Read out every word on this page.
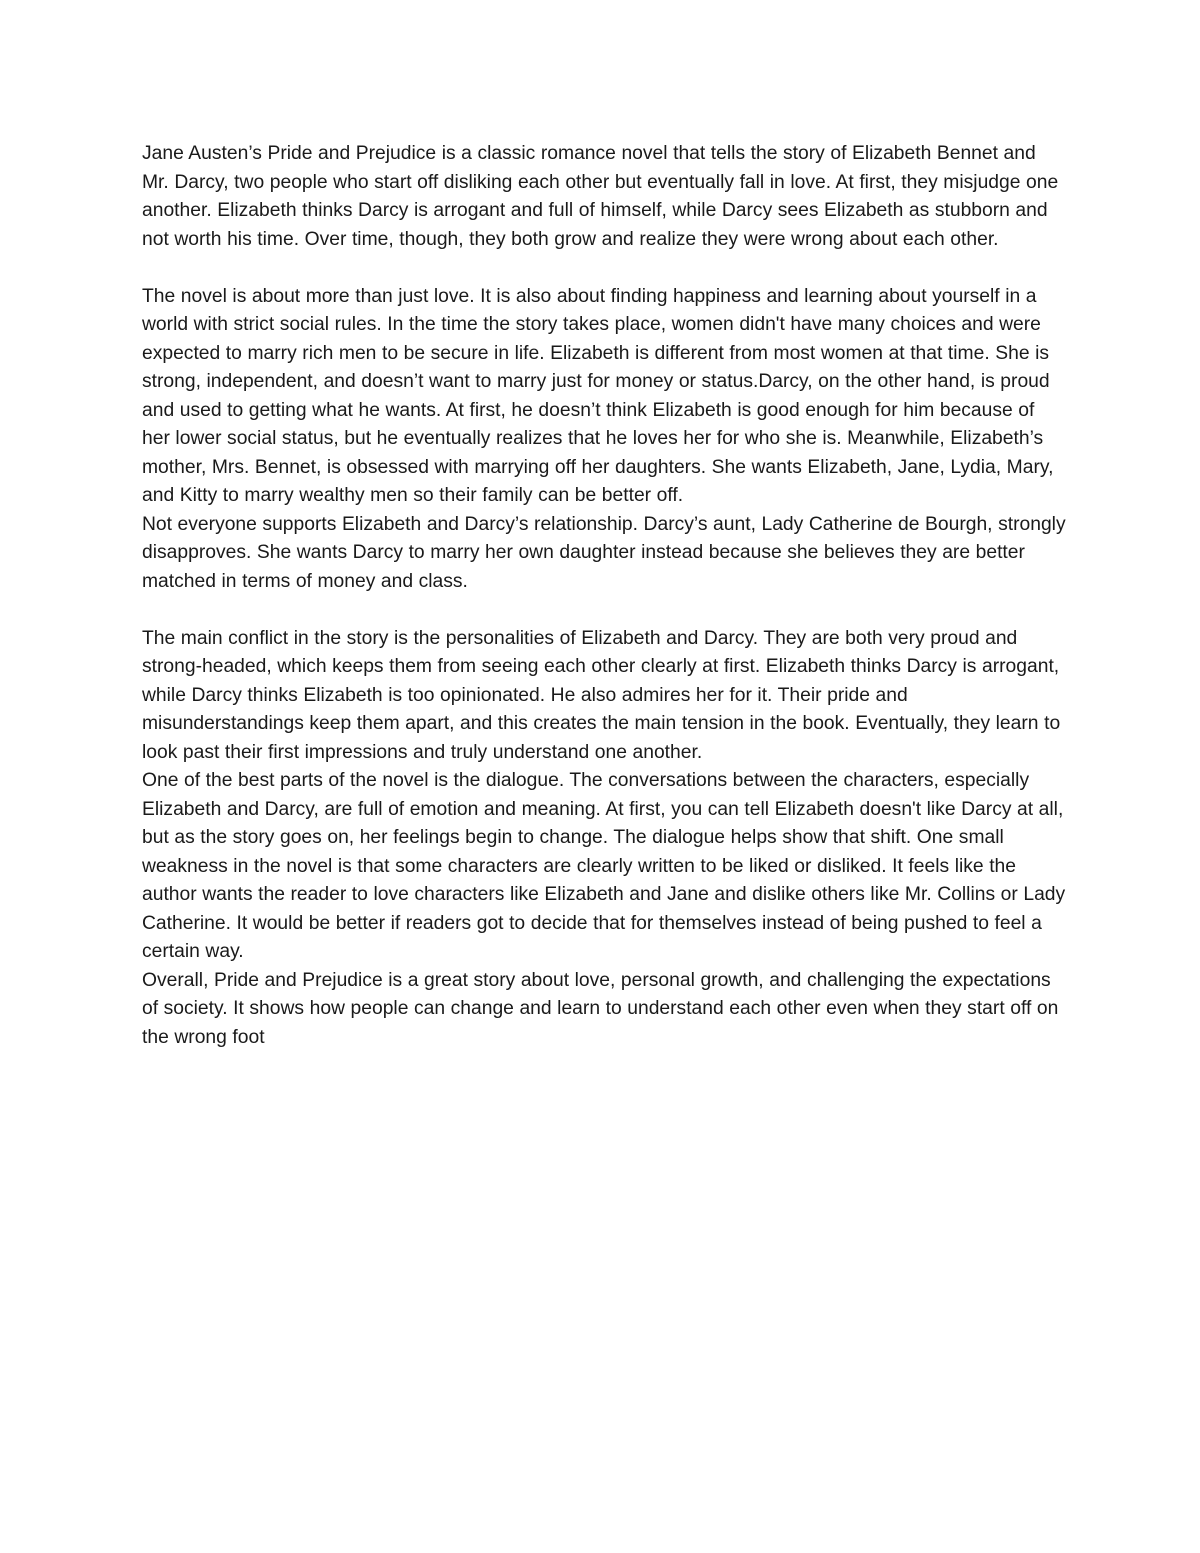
Jane Austen’s Pride and Prejudice is a classic romance novel that tells the story of Elizabeth Bennet and Mr. Darcy, two people who start off disliking each other but eventually fall in love. At first, they misjudge one another. Elizabeth thinks Darcy is arrogant and full of himself, while Darcy sees Elizabeth as stubborn and not worth his time. Over time, though, they both grow and realize they were wrong about each other.

The novel is about more than just love. It is also about finding happiness and learning about yourself in a world with strict social rules. In the time the story takes place, women didn't have many choices and were expected to marry rich men to be secure in life. Elizabeth is different from most women at that time. She is strong, independent, and doesn’t want to marry just for money or status.Darcy, on the other hand, is proud and used to getting what he wants. At first, he doesn’t think Elizabeth is good enough for him because of her lower social status, but he eventually realizes that he loves her for who she is. Meanwhile, Elizabeth’s mother, Mrs. Bennet, is obsessed with marrying off her daughters. She wants Elizabeth, Jane, Lydia, Mary, and Kitty to marry wealthy men so their family can be better off.

Not everyone supports Elizabeth and Darcy’s relationship. Darcy’s aunt, Lady Catherine de Bourgh, strongly disapproves. She wants Darcy to marry her own daughter instead because she believes they are better matched in terms of money and class.

The main conflict in the story is the personalities of Elizabeth and Darcy. They are both very proud and strong-headed, which keeps them from seeing each other clearly at first. Elizabeth thinks Darcy is arrogant, while Darcy thinks Elizabeth is too opinionated. He also admires her for it. Their pride and misunderstandings keep them apart, and this creates the main tension in the book. Eventually, they learn to look past their first impressions and truly understand one another.

One of the best parts of the novel is the dialogue. The conversations between the characters, especially Elizabeth and Darcy, are full of emotion and meaning. At first, you can tell Elizabeth doesn't like Darcy at all, but as the story goes on, her feelings begin to change. The dialogue helps show that shift. One small weakness in the novel is that some characters are clearly written to be liked or disliked. It feels like the author wants the reader to love characters like Elizabeth and Jane and dislike others like Mr. Collins or Lady Catherine. It would be better if readers got to decide that for themselves instead of being pushed to feel a certain way.

Overall, Pride and Prejudice is a great story about love, personal growth, and challenging the expectations of society. It shows how people can change and learn to understand each other even when they start off on the wrong foot
